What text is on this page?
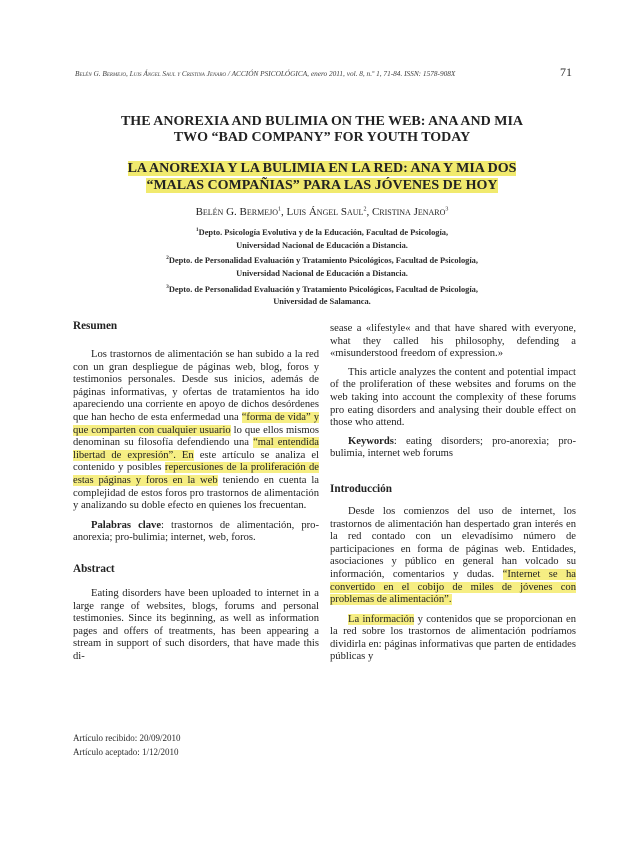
Belén G. Bermejo, Luis Ángel Saul y Cristina Jenaro / ACCIÓN PSICOLÓGICA, enero 2011, vol. 8, n.º 1, 71-84. ISSN: 1578-908X	71
THE ANOREXIA AND BULIMIA ON THE WEB: ANA AND MIA
TWO “BAD COMPANY” FOR YOUTH TODAY
LA ANOREXIA Y LA BULIMIA EN LA RED: ANA Y MIA DOS
“MALAS COMPAÑIAS” PARA LAS JÓVENES DE HOY
Belén G. Bermejo$^1$, Luis Ángel Saul$^2$, Cristina Jenaro$^3$
$^1$Depto. Psicología Evolutiva y de la Educación, Facultad de Psicología,
Universidad Nacional de Educación a Distancia.
$^2$Depto. de Personalidad Evaluación y Tratamiento Psicológicos, Facultad de Psicología,
Universidad Nacional de Educación a Distancia.
$^3$Depto. de Personalidad Evaluación y Tratamiento Psicológicos, Facultad de Psicología,
Universidad de Salamanca.
Resumen

Los trastornos de alimentación se han subido a la red con un gran despliegue de páginas web, blog, foros y testimonios personales. Desde sus inicios, además de páginas informativas, y ofertas de tratamientos ha ido apareciendo una corriente en apoyo de dichos desórdenes que han hecho de esta enfermedad una “forma de vida” y que comparten con cualquier usuario lo que ellos mismos denominan su filosofía defendiendo una “mal entendida libertad de expresión”. En este artículo se analiza el contenido y posibles repercusiones de la proliferación de estas páginas y foros en la web teniendo en cuenta la complejidad de estos foros pro trastornos de alimentación y analizando su doble efecto en quienes los frecuentan.

Palabras clave: trastornos de alimentación, pro-anorexia; pro-bulimia; internet, web, foros.

Abstract

Eating disorders have been uploaded to internet in a large range of websites, blogs, forums and personal testimonies. Since its beginning, as well as information pages and offers of treatments, has been appearing a stream in support of such disorders, that have made this di-

sease a «lifestyle« and that have shared with everyone, what they called his philosophy, defending a «misunderstood freedom of expression.»

This article analyzes the content and potential impact of the proliferation of these websites and forums on the web taking into account the complexity of these forums pro eating disorders and analysing their double effect on those who attend.

Keywords: eating disorders; pro-anorexia; pro-bulimia, internet web forums

Introducción

Desde los comienzos del uso de internet, los trastornos de alimentación han despertado gran interés en la red contado con un elevadísimo número de participaciones en forma de páginas web. Entidades, asociaciones y público en general han volcado su información, comentarios y dudas. “Internet se ha convertido en el cobijo de miles de jóvenes con problemas de alimentación”.

La información y contenidos que se proporcionan en la red sobre los trastornos de alimentación podríamos dividirla en: páginas informativas que parten de entidades públicas y

Artículo recibido: 20/09/2010
Artículo aceptado: 1/12/2010
